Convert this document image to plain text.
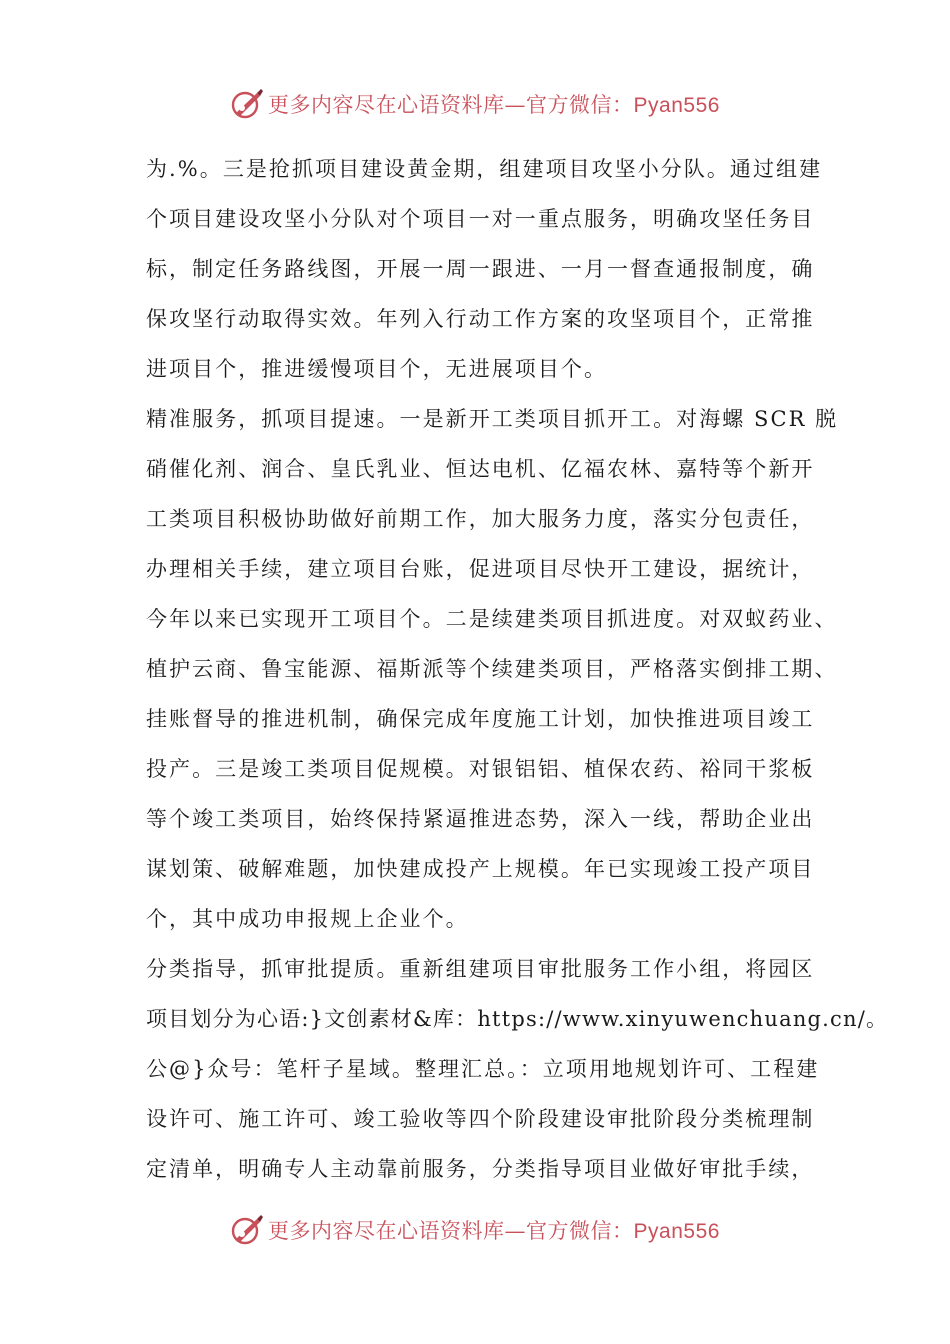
更多内容尽在心语资料库—官方微信：Pyan556
为.%。三是抢抓项目建设黄金期，组建项目攻坚小分队。通过组建
个项目建设攻坚小分队对个项目一对一重点服务，明确攻坚任务目
标，制定任务路线图，开展一周一跟进、一月一督查通报制度，确
保攻坚行动取得实效。年列入行动工作方案的攻坚项目个，正常推
进项目个，推进缓慢项目个，无进展项目个。
精准服务，抓项目提速。一是新开工类项目抓开工。对海螺 SCR 脱
硝催化剂、润合、皇氏乳业、恒达电机、亿福农林、嘉特等个新开
工类项目积极协助做好前期工作，加大服务力度，落实分包责任，
办理相关手续，建立项目台账，促进项目尽快开工建设，据统计，
今年以来已实现开工项目个。二是续建类项目抓进度。对双蚁药业、
植护云商、鲁宝能源、福斯派等个续建类项目，严格落实倒排工期、
挂账督导的推进机制，确保完成年度施工计划，加快推进项目竣工
投产。三是竣工类项目促规模。对银铝铝、植保农药、裕同干浆板
等个竣工类项目，始终保持紧逼推进态势，深入一线，帮助企业出
谋划策、破解难题，加快建成投产上规模。年已实现竣工投产项目
个，其中成功申报规上企业个。
分类指导，抓审批提质。重新组建项目审批服务工作小组，将园区
项目划分为心语:}文创素材&库：https://www.xinyuwenchuang.cn/。
公@}众号：笔杆子星域。整理汇总。：立项用地规划许可、工程建
设许可、施工许可、竣工验收等四个阶段建设审批阶段分类梳理制
定清单，明确专人主动靠前服务，分类指导项目业做好审批手续，
更多内容尽在心语资料库—官方微信：Pyan556
